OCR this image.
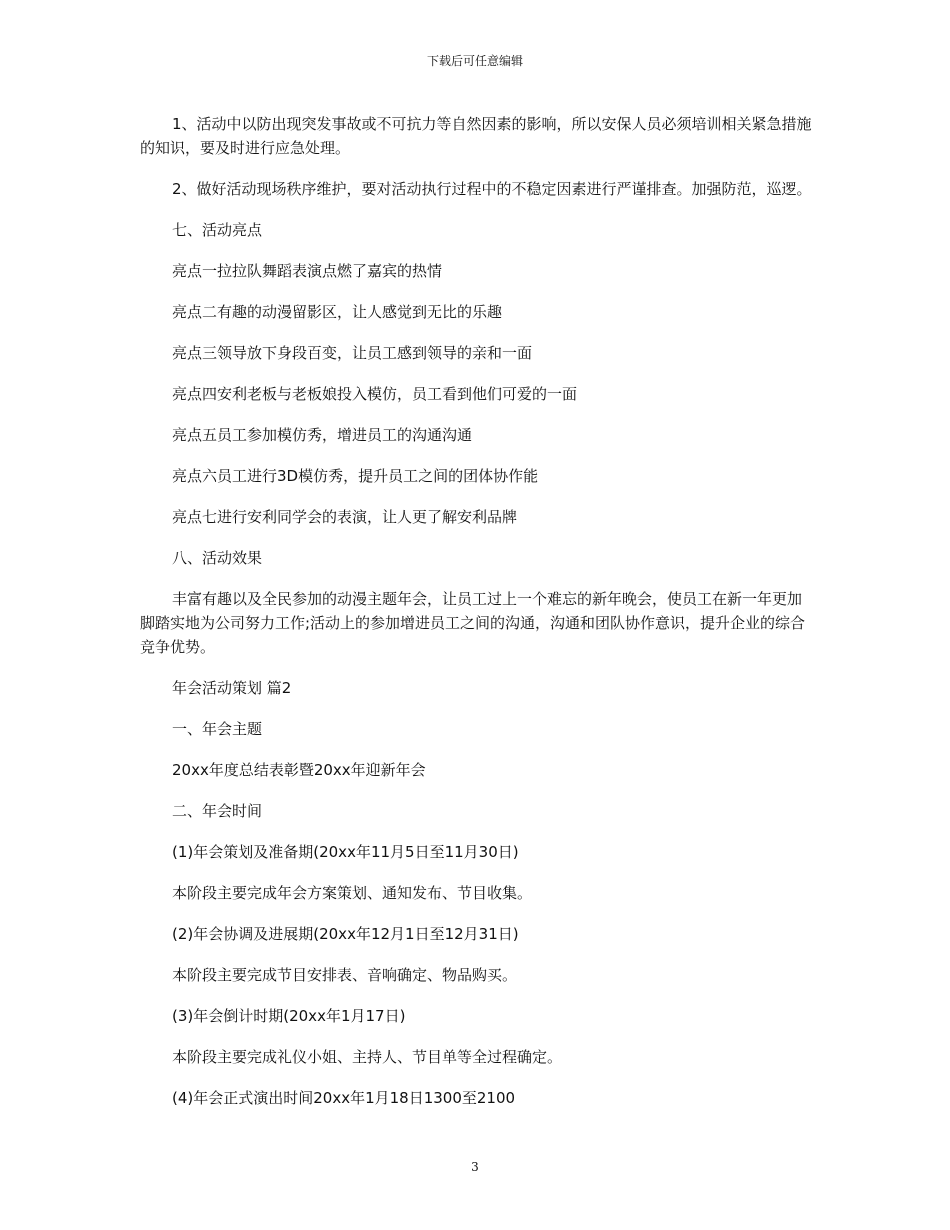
下载后可任意编辑

1、活动中以防出现突发事故或不可抗力等自然因素的影响，所以安保人员必须培训相关紧急措施的知识，要及时进行应急处理。

2、做好活动现场秩序维护，要对活动执行过程中的不稳定因素进行严谨排查。加强防范，巡逻。

七、活动亮点

亮点一拉拉队舞蹈表演点燃了嘉宾的热情

亮点二有趣的动漫留影区，让人感觉到无比的乐趣

亮点三领导放下身段百变，让员工感到领导的亲和一面

亮点四安利老板与老板娘投入模仿，员工看到他们可爱的一面

亮点五员工参加模仿秀，增进员工的沟通沟通

亮点六员工进行3D模仿秀，提升员工之间的团体协作能

亮点七进行安利同学会的表演，让人更了解安利品牌

八、活动效果

丰富有趣以及全民参加的动漫主题年会，让员工过上一个难忘的新年晚会，使员工在新一年更加脚踏实地为公司努力工作;活动上的参加增进员工之间的沟通，沟通和团队协作意识，提升企业的综合竞争优势。

年会活动策划 篇2

一、年会主题

20xx年度总结表彰暨20xx年迎新年会

二、年会时间

(1)年会策划及准备期(20xx年11月5日至11月30日)

本阶段主要完成年会方案策划、通知发布、节目收集。

(2)年会协调及进展期(20xx年12月1日至12月31日)

本阶段主要完成节目安排表、音响确定、物品购买。

(3)年会倒计时期(20xx年1月17日)

本阶段主要完成礼仪小姐、主持人、节目单等全过程确定。

(4)年会正式演出时间20xx年1月18日1300至2100

3
